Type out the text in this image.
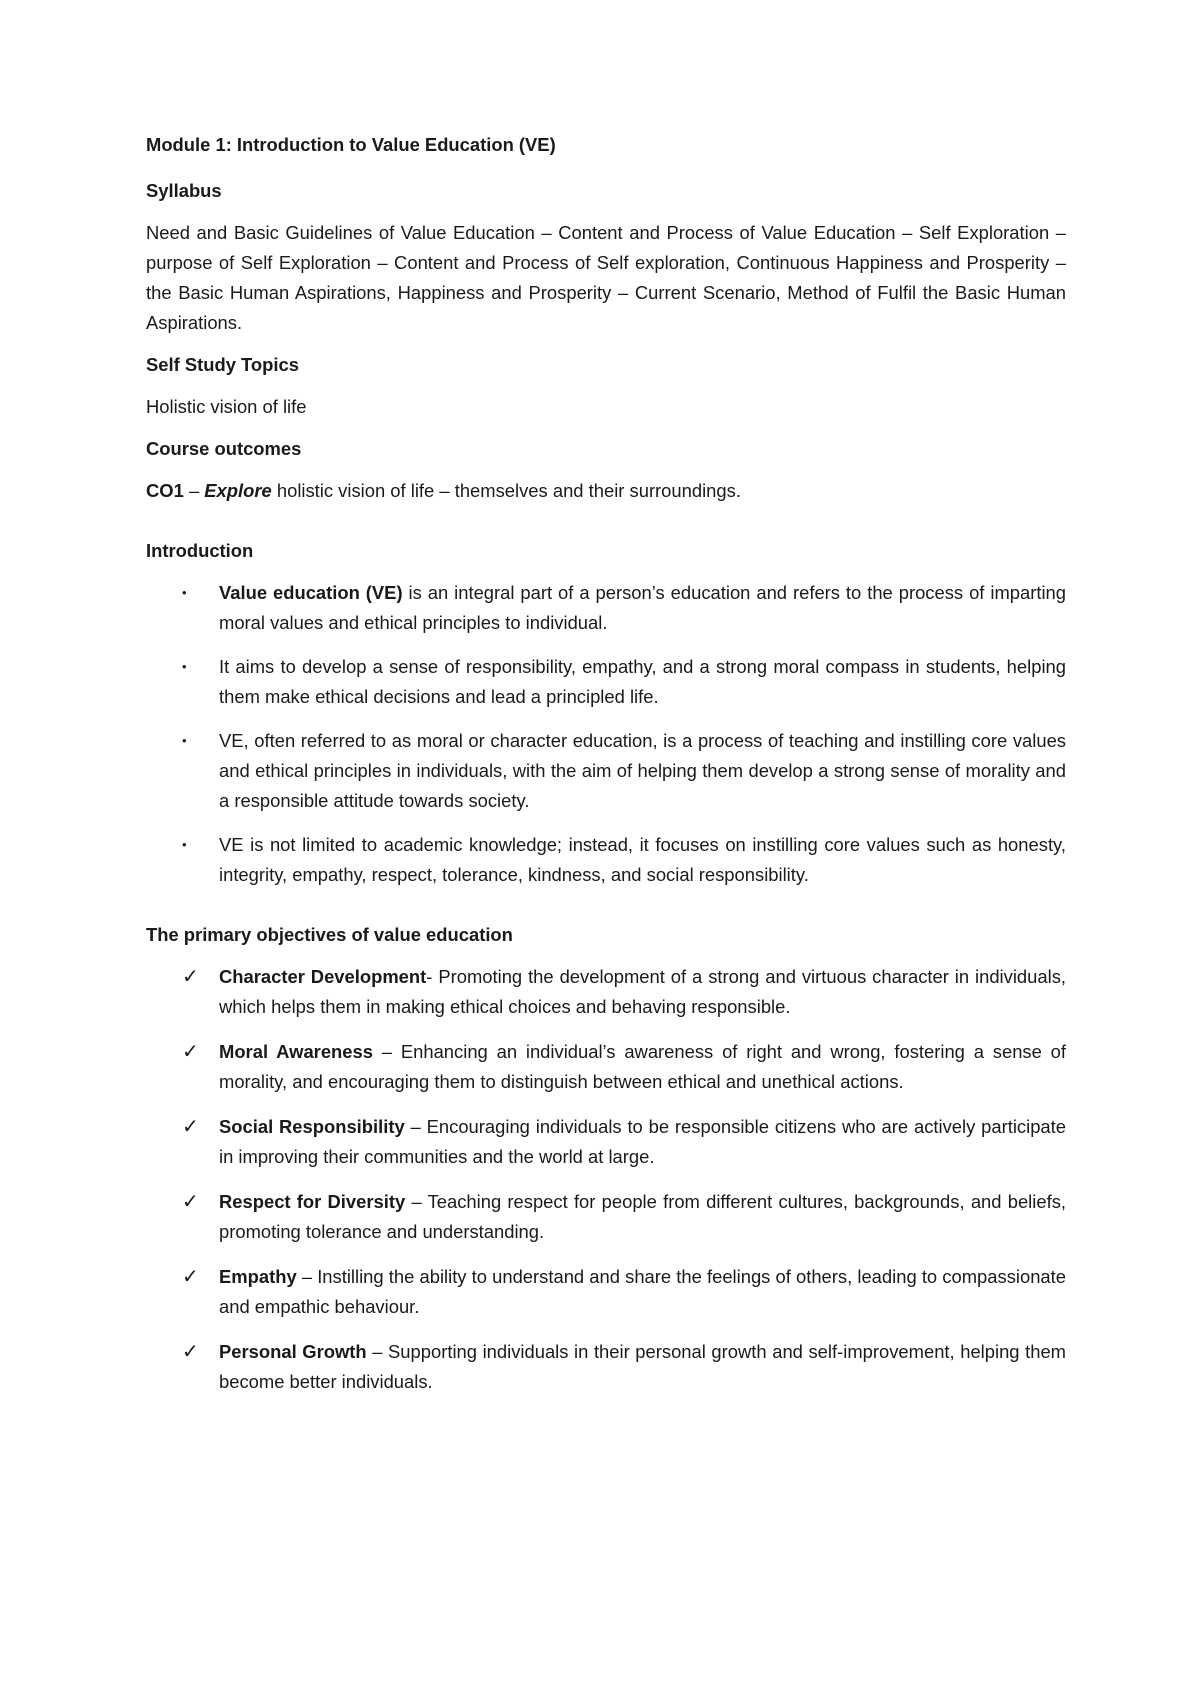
Module 1: Introduction to Value Education (VE)

Syllabus

Need and Basic Guidelines of Value Education – Content and Process of Value Education – Self Exploration – purpose of Self Exploration – Content and Process of Self exploration, Continuous Happiness and Prosperity – the Basic Human Aspirations, Happiness and Prosperity – Current Scenario, Method of Fulfil the Basic Human Aspirations.

Self Study Topics

Holistic vision of life

Course outcomes

CO1 – Explore holistic vision of life – themselves and their surroundings.

Introduction

•	Value education (VE) is an integral part of a person’s education and refers to the process of imparting moral values and ethical principles to individual.
•	It aims to develop a sense of responsibility, empathy, and a strong moral compass in students, helping them make ethical decisions and lead a principled life.
•	VE, often referred to as moral or character education, is a process of teaching and instilling core values and ethical principles in individuals, with the aim of helping them develop a strong sense of morality and a responsible attitude towards society.
•	VE is not limited to academic knowledge; instead, it focuses on instilling core values such as honesty, integrity, empathy, respect, tolerance, kindness, and social responsibility.

The primary objectives of value education

✓	Character Development- Promoting the development of a strong and virtuous character in individuals, which helps them in making ethical choices and behaving responsible.
✓	Moral Awareness – Enhancing an individual’s awareness of right and wrong, fostering a sense of morality, and encouraging them to distinguish between ethical and unethical actions.
✓	Social Responsibility – Encouraging individuals to be responsible citizens who are actively participate in improving their communities and the world at large.
✓	Respect for Diversity – Teaching respect for people from different cultures, backgrounds, and beliefs, promoting tolerance and understanding.
✓	Empathy – Instilling the ability to understand and share the feelings of others, leading to compassionate and empathic behaviour.
✓	Personal Growth – Supporting individuals in their personal growth and self-improvement, helping them become better individuals.
